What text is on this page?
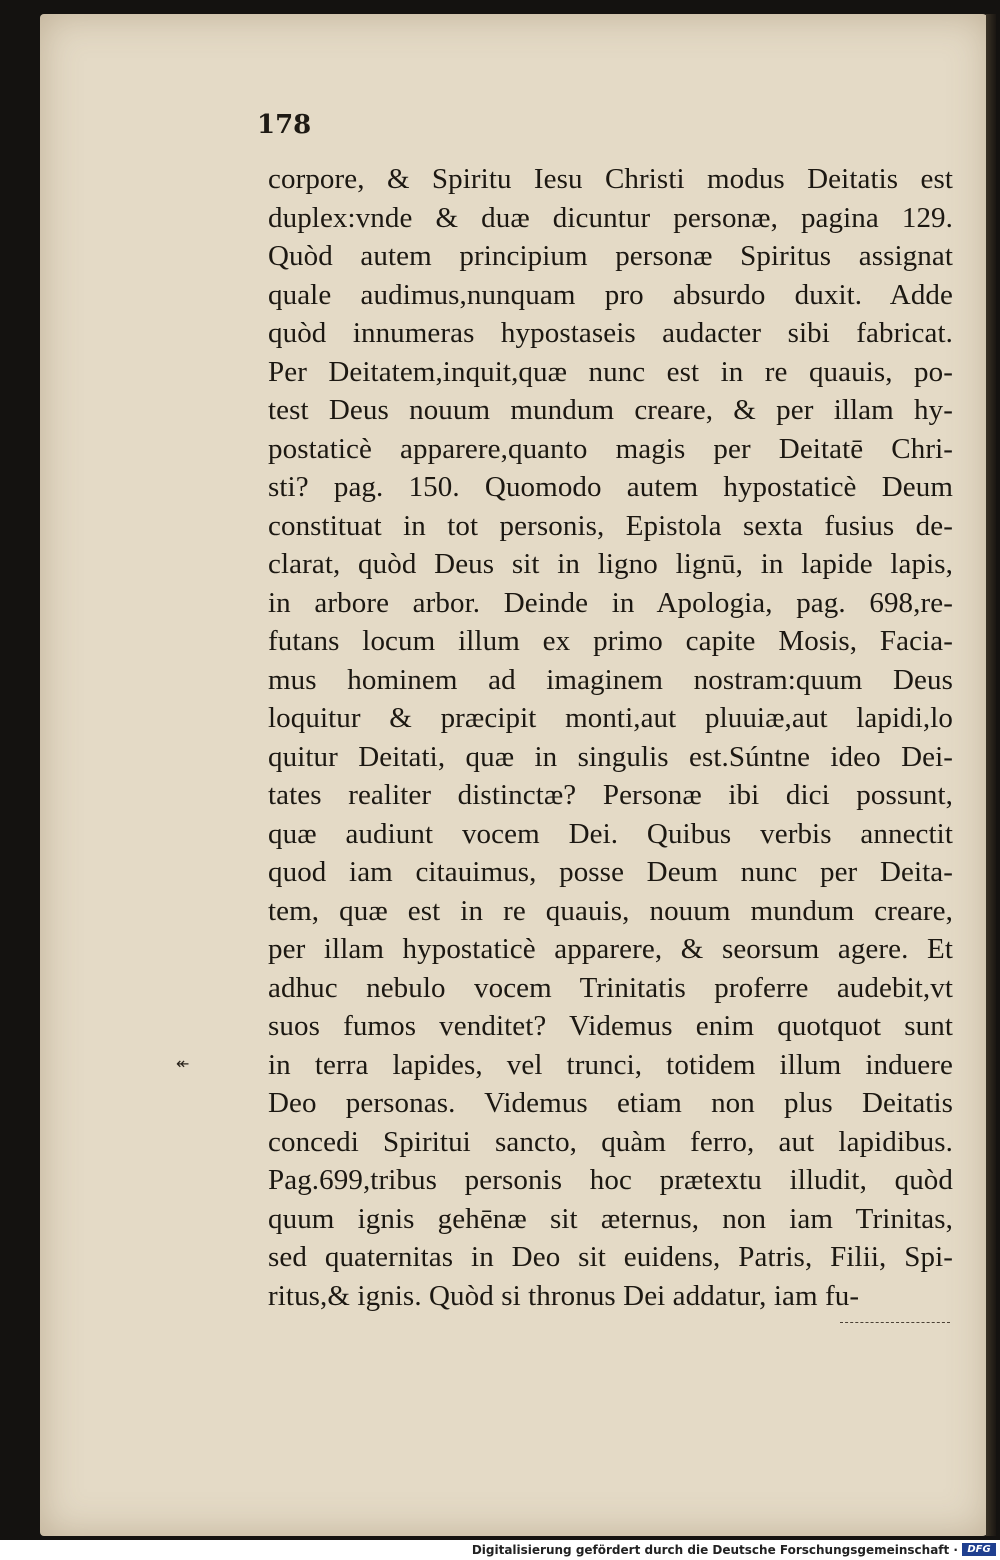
178
↞
corpore, & Spiritu Iesu Christi modus Deitatis est
duplex:vnde & duæ dicuntur personæ, pagina 129.
Quòd autem principium personæ Spiritus assignat
quale audimus,nunquam pro absurdo duxit. Adde
quòd innumeras hypostaseis audacter sibi fabricat.
Per Deitatem,inquit,quæ nunc est in re quauis, po-
test Deus nouum mundum creare, & per illam hy-
postaticè apparere,quanto magis per Deitatē Chri-
sti? pag. 150. Quomodo autem hypostaticè Deum
constituat in tot personis, Epistola sexta fusius de-
clarat, quòd Deus sit in ligno lignū, in lapide lapis,
in arbore arbor. Deinde in Apologia, pag. 698,re-
futans locum illum ex primo capite Mosis, Facia-
mus hominem ad imaginem nostram:quum Deus
loquitur & præcipit monti,aut pluuiæ,aut lapidi,lo
quitur Deitati, quæ in singulis est.Súntne ideo Dei-
tates realiter distinctæ? Personæ ibi dici possunt,
quæ audiunt vocem Dei. Quibus verbis annectit
quod iam citauimus, posse Deum nunc per Deita-
tem, quæ est in re quauis, nouum mundum creare,
per illam hypostaticè apparere, & seorsum agere. Et
adhuc nebulo vocem Trinitatis proferre audebit,vt
suos fumos venditet? Videmus enim quotquot sunt
in terra lapides, vel trunci, totidem illum induere
Deo personas. Videmus etiam non plus Deitatis
concedi Spiritui sancto, quàm ferro, aut lapidibus.
Pag.699,tribus personis hoc prætextu illudit, quòd
quum ignis gehēnæ sit æternus, non iam Trinitas,
sed quaternitas in Deo sit euidens, Patris, Filii, Spi-
ritus,& ignis. Quòd si thronus Dei addatur, iam fu-
Digitalisierung gefördert durch die Deutsche Forschungsgemeinschaft · DFG
